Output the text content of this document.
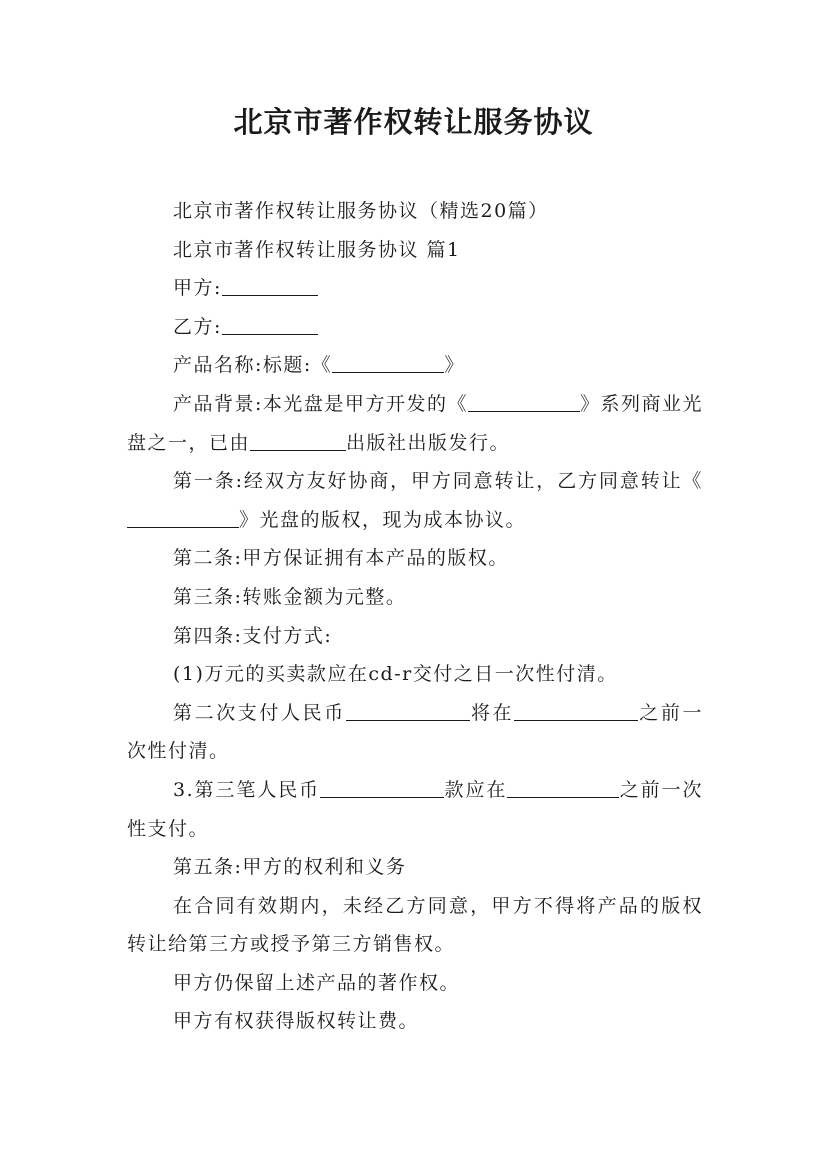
北京市著作权转让服务协议

北京市著作权转让服务协议（精选20篇）

北京市著作权转让服务协议 篇1

甲方:

乙方:

产品名称:标题:《	》

产品背景:本光盘是甲方开发的《	》系列商业光盘之一，已由	出版社出版发行。

第一条:经双方友好协商，甲方同意转让，乙方同意转让《》光盘的版权，现为成本协议。

第二条:甲方保证拥有本产品的版权。

第三条:转账金额为元整。

第四条:支付方式:

(1)万元的买卖款应在cd-r交付之日一次性付清。

第二次支付人民币	将在	之前一次性付清。

3.第三笔人民币	款应在	之前一次性支付。

第五条:甲方的权利和义务

在合同有效期内，未经乙方同意，甲方不得将产品的版权转让给第三方或授予第三方销售权。

甲方仍保留上述产品的著作权。

甲方有权获得版权转让费。
